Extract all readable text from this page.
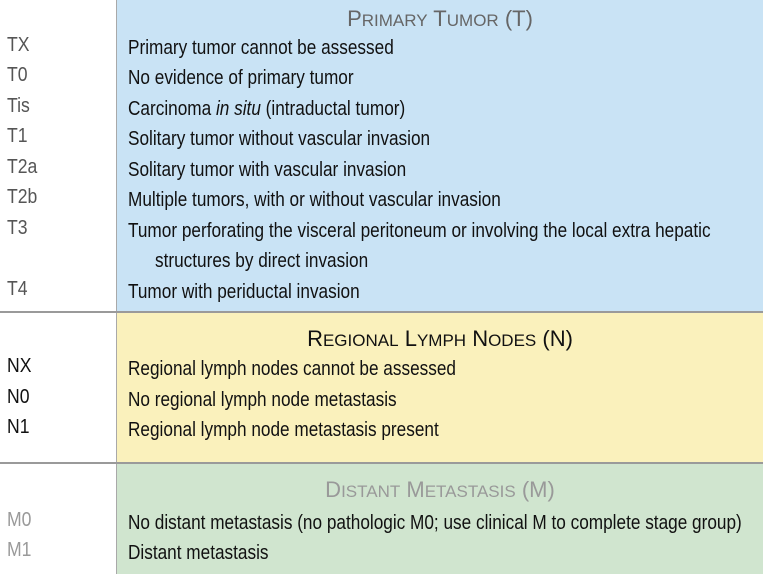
TX
T0
Tis
T1
T2a
T2b
T3
T4
PRIMARY TUMOR (T)
Primary tumor cannot be assessed
No evidence of primary tumor
Carcinoma in situ (intraductal tumor)
Solitary tumor without vascular invasion
Solitary tumor with vascular invasion
Multiple tumors, with or without vascular invasion
Tumor perforating the visceral peritoneum or involving the local extra hepatic
structures by direct invasion
Tumor with periductal invasion
NX
N0
N1
REGIONAL LYMPH NODES (N)
Regional lymph nodes cannot be assessed
No regional lymph node metastasis
Regional lymph node metastasis present
M0
M1
DISTANT METASTASIS (M)
No distant metastasis (no pathologic M0; use clinical M to complete stage group)
Distant metastasis
